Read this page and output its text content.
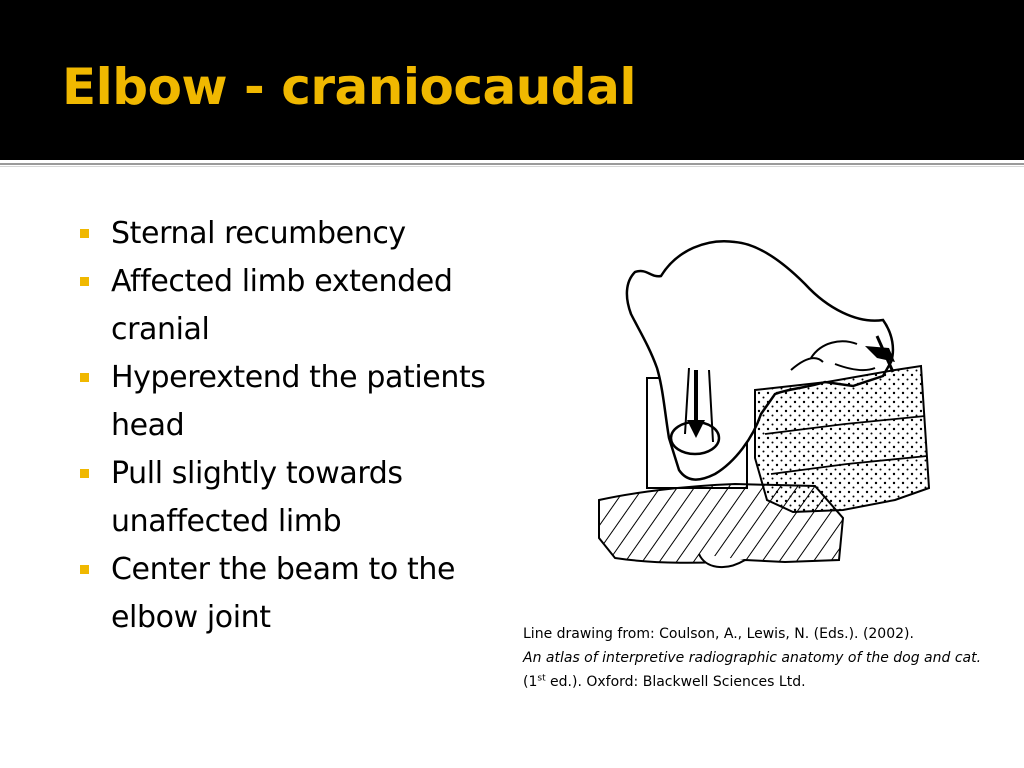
Elbow - craniocaudal
Sternal recumbency
Affected limb extended cranial
Hyperextend the patients head
Pull slightly towards unaffected limb
Center the beam to the elbow joint	Line drawing from: Coulson, A., Lewis, N. (Eds.). (2002).
An atlas of interpretive radiographic anatomy of the dog and cat. (1st ed.). Oxford: Blackwell Sciences Ltd.
